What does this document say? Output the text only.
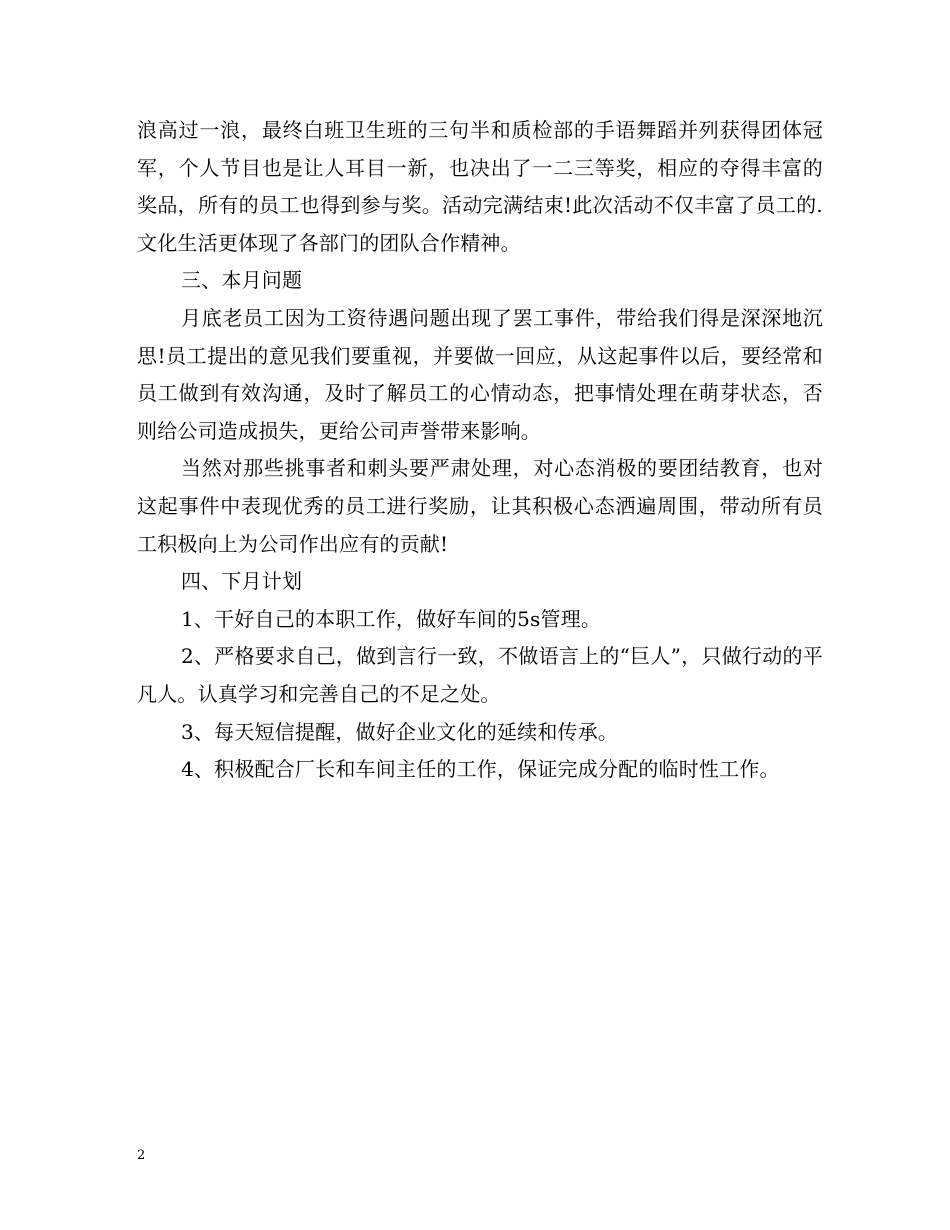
浪高过一浪，最终白班卫生班的三句半和质检部的手语舞蹈并列获得团体冠军，个人节目也是让人耳目一新，也决出了一二三等奖，相应的夺得丰富的奖品，所有的员工也得到参与奖。活动完满结束!此次活动不仅丰富了员工的.文化生活更体现了各部门的团队合作精神。

三、本月问题

月底老员工因为工资待遇问题出现了罢工事件，带给我们得是深深地沉思!员工提出的意见我们要重视，并要做一回应，从这起事件以后，要经常和员工做到有效沟通，及时了解员工的心情动态，把事情处理在萌芽状态，否则给公司造成损失，更给公司声誉带来影响。

当然对那些挑事者和刺头要严肃处理，对心态消极的要团结教育，也对这起事件中表现优秀的员工进行奖励，让其积极心态洒遍周围，带动所有员工积极向上为公司作出应有的贡献!

四、下月计划

1、干好自己的本职工作，做好车间的5s管理。

2、严格要求自己，做到言行一致，不做语言上的“巨人”，只做行动的平凡人。认真学习和完善自己的不足之处。

3、每天短信提醒，做好企业文化的延续和传承。

4、积极配合厂长和车间主任的工作，保证完成分配的临时性工作。

2
